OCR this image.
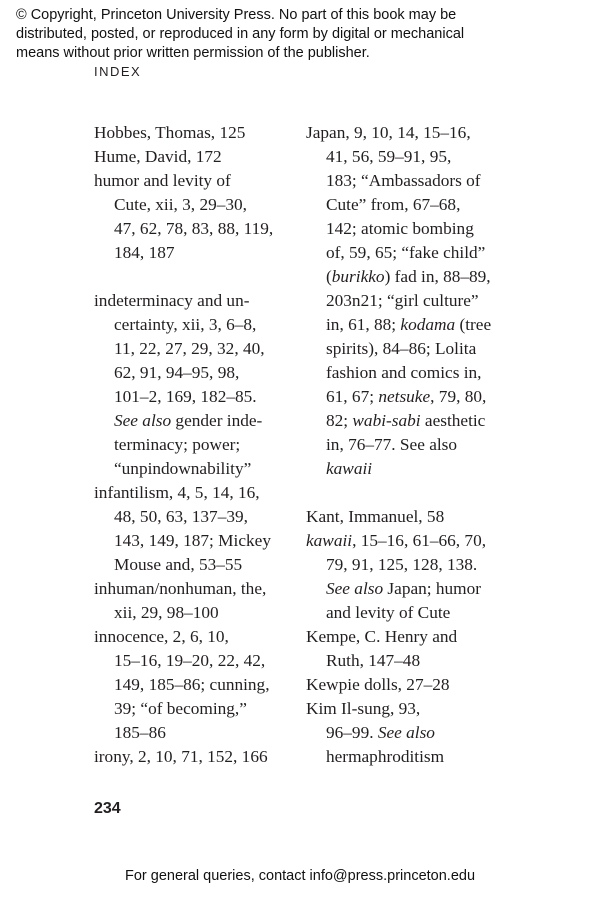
© Copyright, Princeton University Press. No part of this book may be
distributed, posted, or reproduced in any form by digital or mechanical
means without prior written permission of the publisher.
INDEX
Hobbes, Thomas, 125
Hume, David, 172
humor and levity of
Cute, xii, 3, 29–30,
47, 62, 78, 83, 88, 119,
184, 187
indeterminacy and un-
certainty, xii, 3, 6–8,
11, 22, 27, 29, 32, 40,
62, 91, 94–95, 98,
101–2, 169, 182–85.
See also gender inde-
terminacy; power;
“unpindownability”
infantilism, 4, 5, 14, 16,
48, 50, 63, 137–39,
143, 149, 187; Mickey
Mouse and, 53–55
inhuman/nonhuman, the,
xii, 29, 98–100
innocence, 2, 6, 10,
15–16, 19–20, 22, 42,
149, 185–86; cunning,
39; “of becoming,”
185–86
irony, 2, 10, 71, 152, 166
Japan, 9, 10, 14, 15–16,
41, 56, 59–91, 95,
183; “Ambassadors of
Cute” from, 67–68,
142; atomic bombing
of, 59, 65; “fake child”
(burikko) fad in, 88–89,
203n21; “girl culture”
in, 61, 88; kodama (tree
spirits), 84–86; Lolita
fashion and comics in,
61, 67; netsuke, 79, 80,
82; wabi-sabi aesthetic
in, 76–77. See also
kawaii
Kant, Immanuel, 58
kawaii, 15–16, 61–66, 70,
79, 91, 125, 128, 138.
See also Japan; humor
and levity of Cute
Kempe, C. Henry and
Ruth, 147–48
Kewpie dolls, 27–28
Kim Il-sung, 93,
96–99. See also
hermaphroditism
234
For general queries, contact info@press.princeton.edu
